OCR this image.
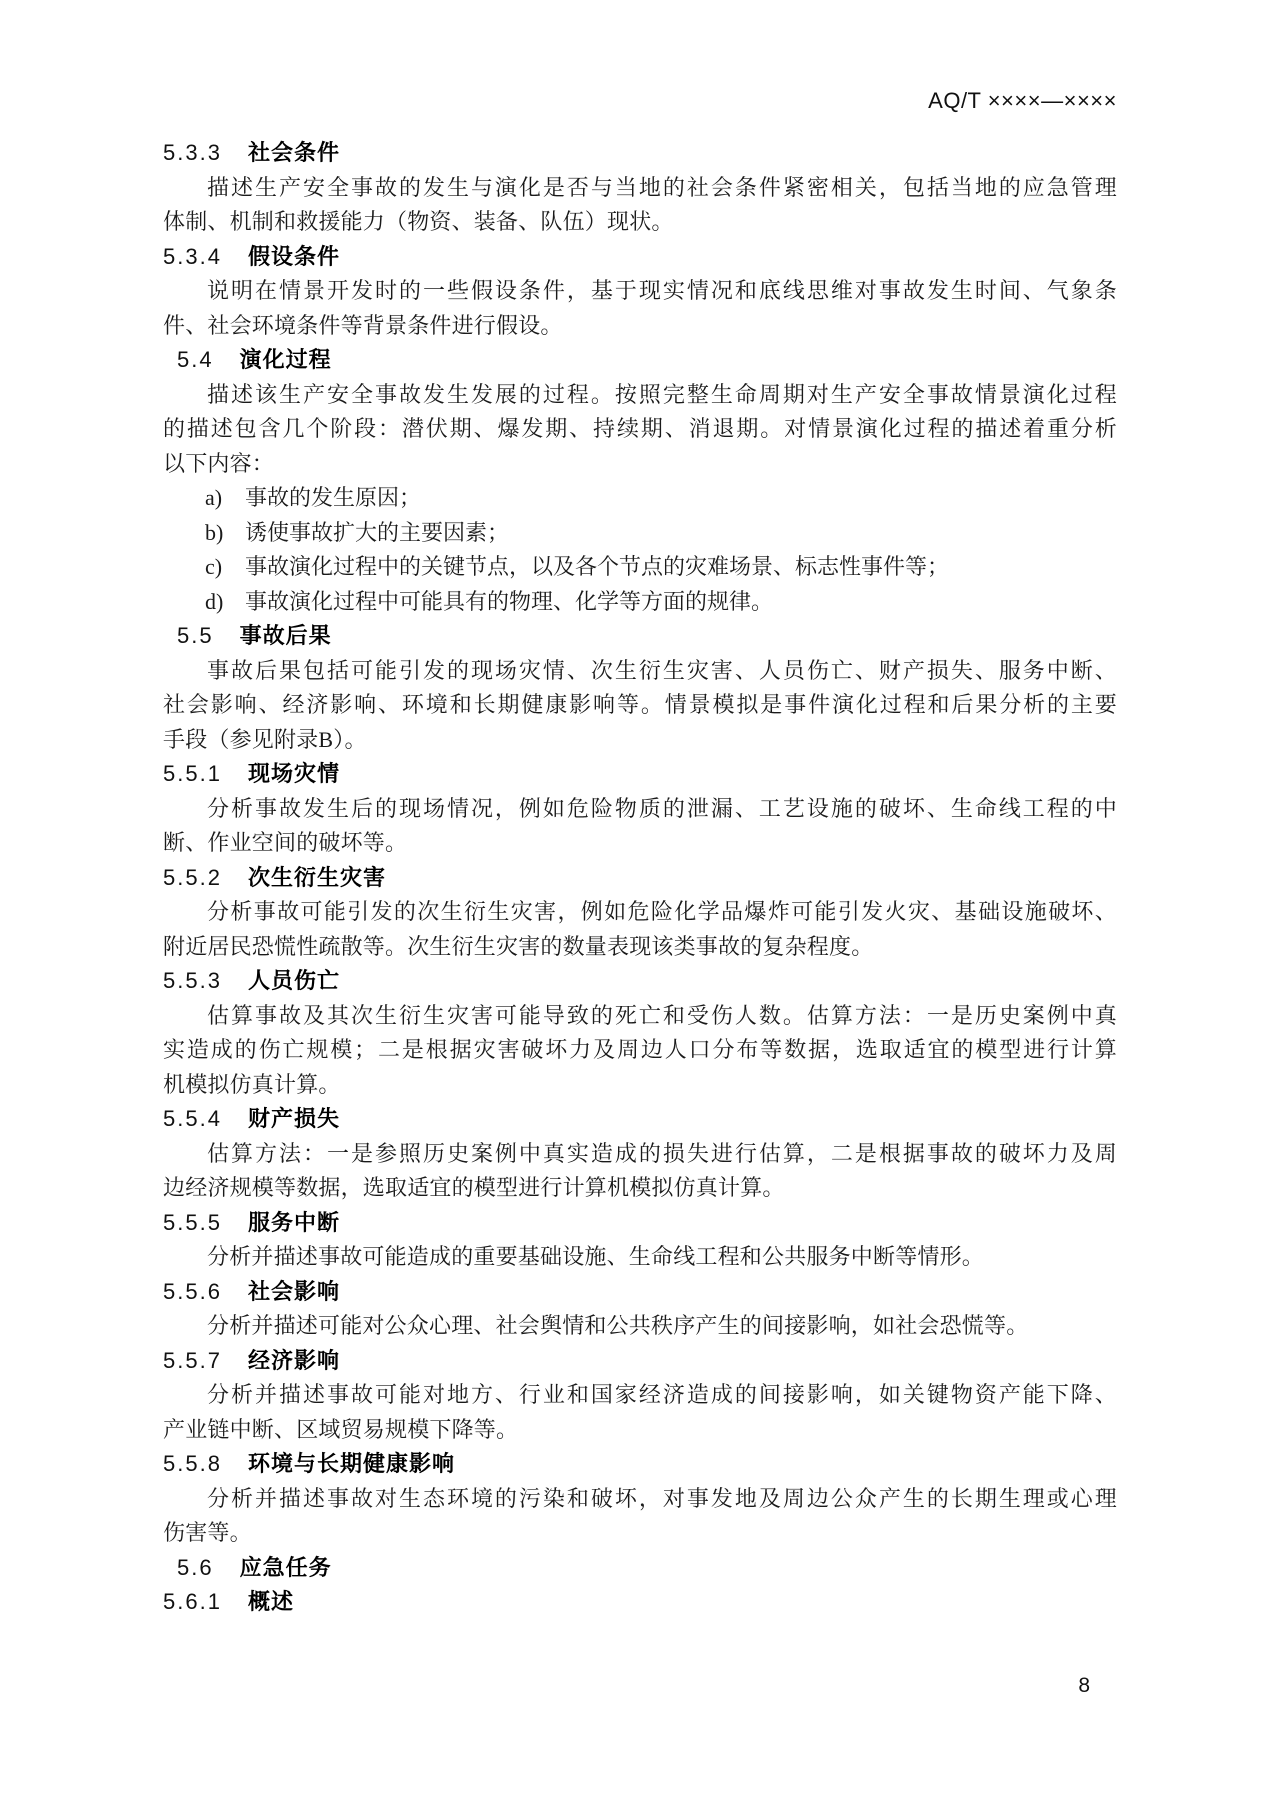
AQ/T ××××—××××
5.3.3 社会条件
描述生产安全事故的发生与演化是否与当地的社会条件紧密相关，包括当地的应急管理
体制、机制和救援能力（物资、装备、队伍）现状。
5.3.4 假设条件
说明在情景开发时的一些假设条件，基于现实情况和底线思维对事故发生时间、气象条
件、社会环境条件等背景条件进行假设。
5.4 演化过程
描述该生产安全事故发生发展的过程。按照完整生命周期对生产安全事故情景演化过程
的描述包含几个阶段：潜伏期、爆发期、持续期、消退期。对情景演化过程的描述着重分析
以下内容：
a) 事故的发生原因；
b) 诱使事故扩大的主要因素；
c) 事故演化过程中的关键节点，以及各个节点的灾难场景、标志性事件等；
d) 事故演化过程中可能具有的物理、化学等方面的规律。
5.5 事故后果
事故后果包括可能引发的现场灾情、次生衍生灾害、人员伤亡、财产损失、服务中断、
社会影响、经济影响、环境和长期健康影响等。情景模拟是事件演化过程和后果分析的主要
手段（参见附录B）。
5.5.1 现场灾情
分析事故发生后的现场情况，例如危险物质的泄漏、工艺设施的破坏、生命线工程的中
断、作业空间的破坏等。
5.5.2 次生衍生灾害
分析事故可能引发的次生衍生灾害，例如危险化学品爆炸可能引发火灾、基础设施破坏、
附近居民恐慌性疏散等。次生衍生灾害的数量表现该类事故的复杂程度。
5.5.3 人员伤亡
估算事故及其次生衍生灾害可能导致的死亡和受伤人数。估算方法：一是历史案例中真
实造成的伤亡规模；二是根据灾害破坏力及周边人口分布等数据，选取适宜的模型进行计算
机模拟仿真计算。
5.5.4 财产损失
估算方法：一是参照历史案例中真实造成的损失进行估算，二是根据事故的破坏力及周
边经济规模等数据，选取适宜的模型进行计算机模拟仿真计算。
5.5.5 服务中断
分析并描述事故可能造成的重要基础设施、生命线工程和公共服务中断等情形。
5.5.6 社会影响
分析并描述可能对公众心理、社会舆情和公共秩序产生的间接影响，如社会恐慌等。
5.5.7 经济影响
分析并描述事故可能对地方、行业和国家经济造成的间接影响，如关键物资产能下降、
产业链中断、区域贸易规模下降等。
5.5.8 环境与长期健康影响
分析并描述事故对生态环境的污染和破坏，对事发地及周边公众产生的长期生理或心理
伤害等。
5.6 应急任务
5.6.1 概述
8
